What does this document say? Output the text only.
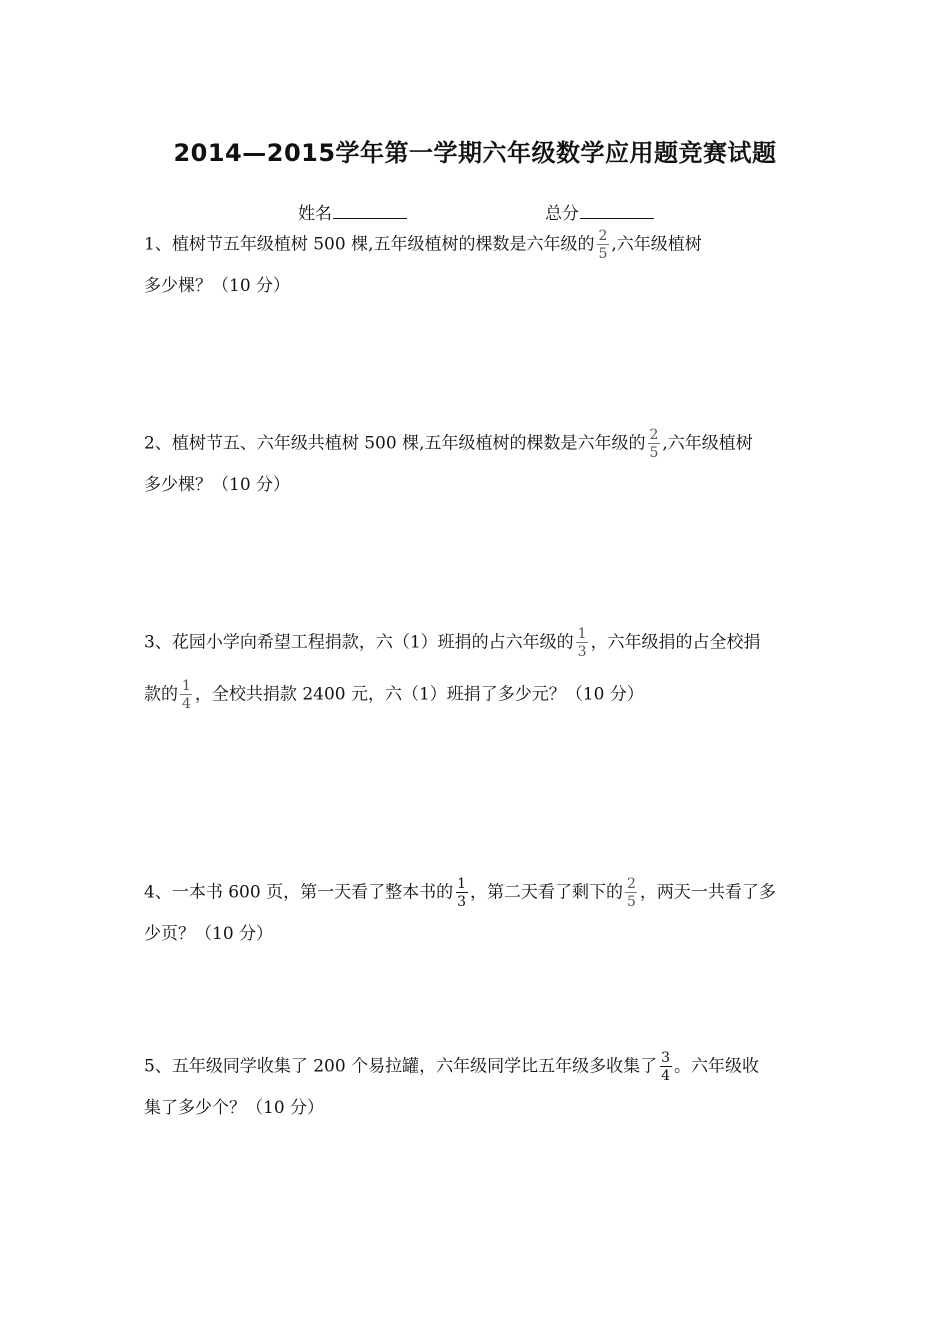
2014—2015学年第一学期六年级数学应用题竞赛试题
姓名	总分
1、植树节五年级植树 500 棵,五年级植树的棵数是六年级的 $\frac{2}{5}$ ,六年级植树
多少棵？（10 分）
2、植树节五、六年级共植树 500 棵,五年级植树的棵数是六年级的 $\frac{2}{5}$ ,六年级植树
多少棵？（10 分）
3、花园小学向希望工程捐款，六（1）班捐的占六年级的 $\frac{1}{3}$ ，六年级捐的占全校捐
款的 $\frac{1}{4}$ ，全校共捐款 2400 元，六（1）班捐了多少元？（10 分）
4、一本书 600 页，第一天看了整本书的 $\frac{1}{3}$ ，第二天看了剩下的 $\frac{2}{5}$ ，两天一共看了多
少页？（10 分）
5、五年级同学收集了 200 个易拉罐，六年级同学比五年级多收集了 $\frac{3}{4}$ 。六年级收
集了多少个？（10 分）
